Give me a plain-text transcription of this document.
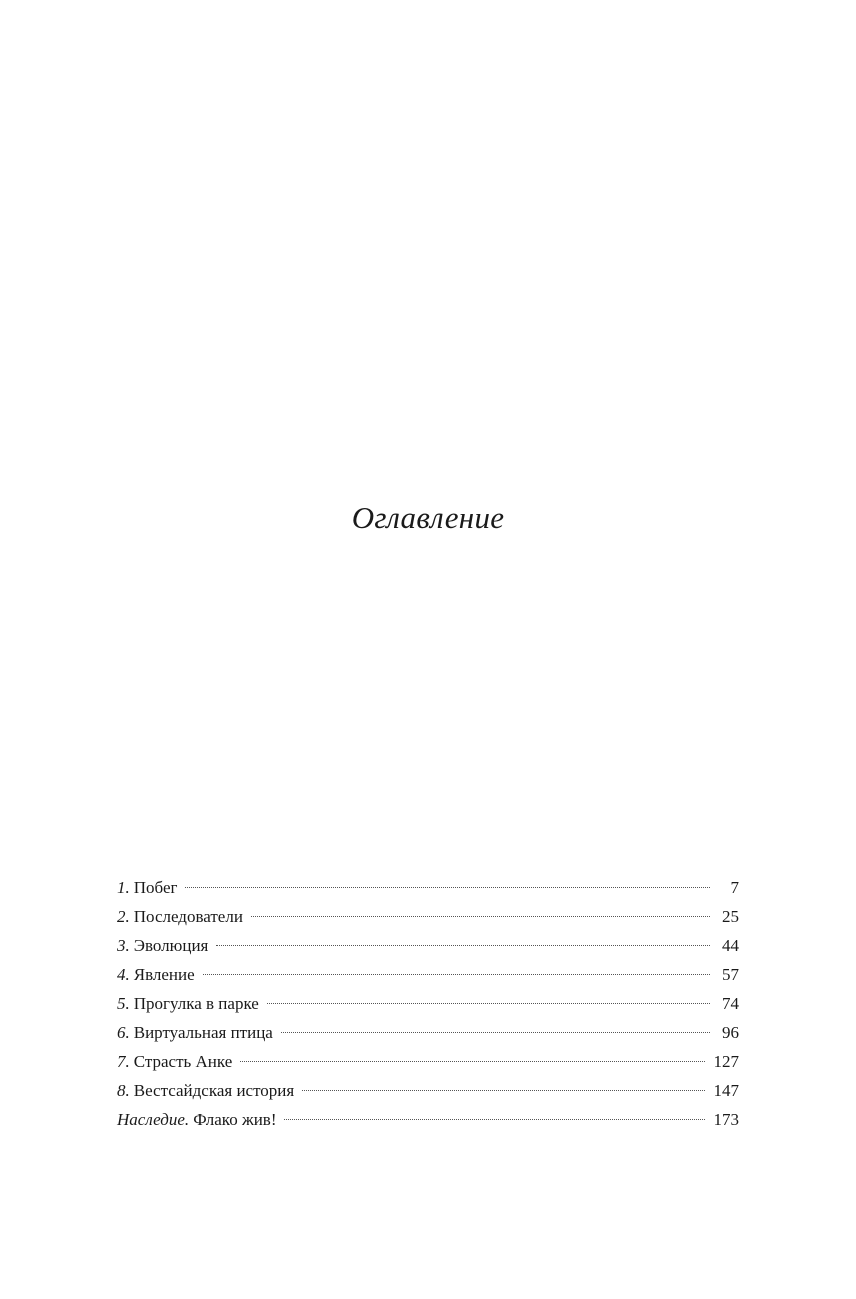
Оглавление
1. Побег	7
2. Последователи	25
3. Эволюция	44
4. Явление	57
5. Прогулка в парке	74
6. Виртуальная птица	96
7. Страсть Анке	127
8. Вестсайдская история	147
Наследие. Флако жив!	173
